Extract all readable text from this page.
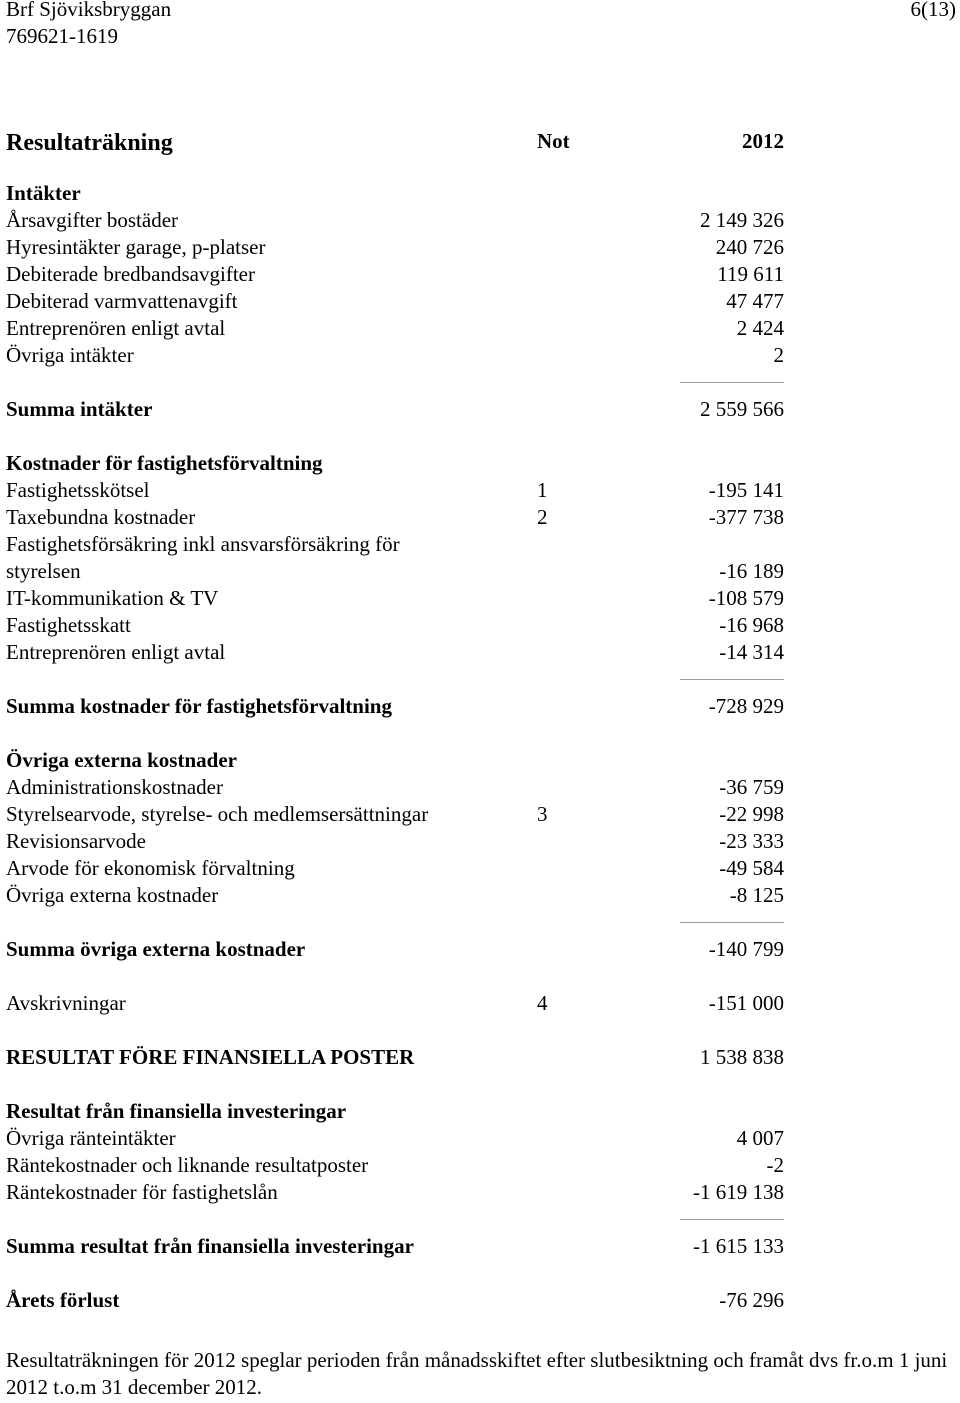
Brf Sjöviksbryggan
769621-1619
6(13)
Resultaträkning	Not	2012
Intäkter
Årsavgifter bostäder	2 149 326
Hyresintäkter garage, p-platser	240 726
Debiterade bredbandsavgifter	119 611
Debiterad varmvattenavgift	47 477
Entreprenören enligt avtal	2 424
Övriga intäkter	2
Summa intäkter	2 559 566
Kostnader för fastighetsförvaltning
Fastighetsskötsel	1	-195 141
Taxebundna kostnader	2	-377 738
Fastighetsförsäkring inkl ansvarsförsäkring för
styrelsen	-16 189
IT-kommunikation & TV	-108 579
Fastighetsskatt	-16 968
Entreprenören enligt avtal	-14 314
Summa kostnader för fastighetsförvaltning	-728 929
Övriga externa kostnader
Administrationskostnader	-36 759
Styrelsearvode, styrelse- och medlemsersättningar	3	-22 998
Revisionsarvode	-23 333
Arvode för ekonomisk förvaltning	-49 584
Övriga externa kostnader	-8 125
Summa övriga externa kostnader	-140 799
Avskrivningar	4	-151 000
RESULTAT FÖRE FINANSIELLA POSTER	1 538 838
Resultat från finansiella investeringar
Övriga ränteintäkter	4 007
Räntekostnader och liknande resultatposter	-2
Räntekostnader för fastighetslån	-1 619 138
Summa resultat från finansiella investeringar	-1 615 133
Årets förlust	-76 296
Resultaträkningen för 2012 speglar perioden från månadsskiftet efter slutbesiktning och framåt dvs fr.o.m 1 juni 2012 t.o.m 31 december 2012.
